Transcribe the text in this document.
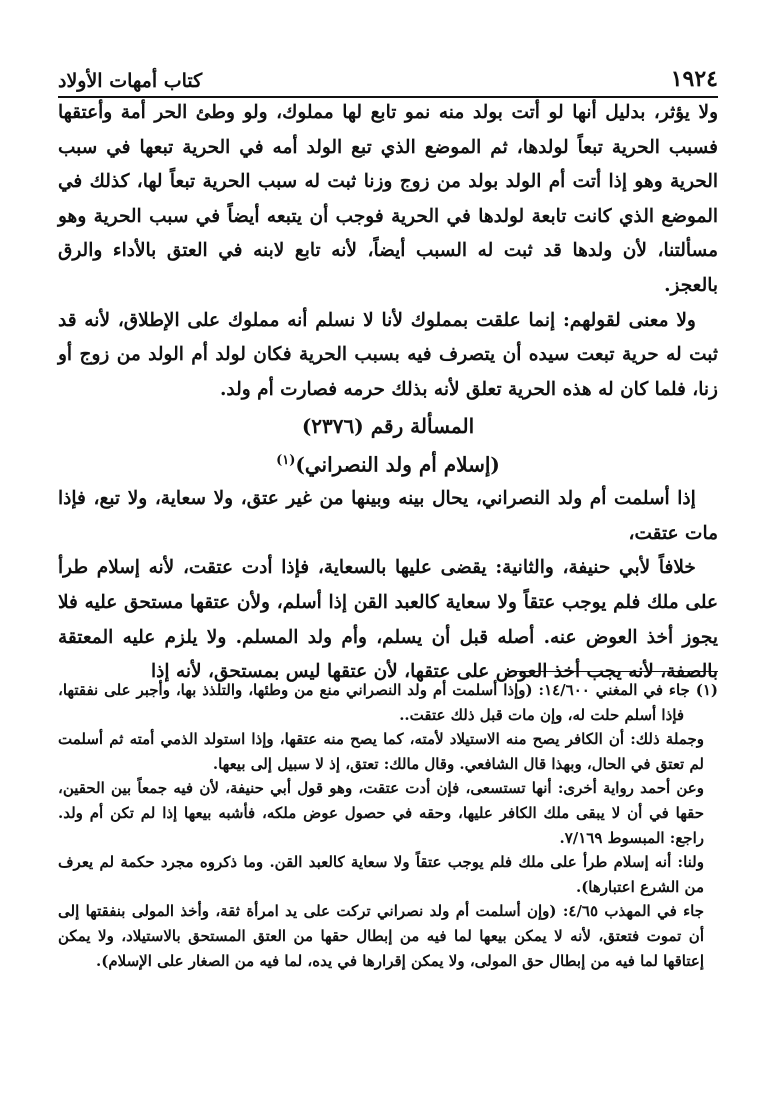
١٩٢٤
كتاب أمهات الأولاد

ولا يؤثر، بدليل أنها لو أتت بولد منه نمو تابع لها مملوك، ولو وطئ الحر أمة وأعتقها فسبب الحرية تبعاً لولدها، ثم الموضع الذي تبع الولد أمه في الحرية تبعها في سبب الحرية وهو إذا أتت أم الولد بولد من زوج وزنا ثبت له سبب الحرية تبعاً لها، كذلك في الموضع الذي كانت تابعة لولدها في الحرية فوجب أن يتبعه أيضاً في سبب الحرية وهو مسألتنا، لأن ولدها قد ثبت له السبب أيضاً، لأنه تابع لابنه في العتق بالأداء والرق بالعجز.

ولا معنى لقولهم: إنما علقت بمملوك لأنا لا نسلم أنه مملوك على الإطلاق، لأنه قد ثبت له حرية تبعت سيده أن يتصرف فيه بسبب الحرية فكان لولد أم الولد من زوج أو زنا، فلما كان له هذه الحرية تعلق لأنه بذلك حرمه فصارت أم ولد.

المسألة رقم (٢٣٧٦)
(إسلام أم ولد النصراني)$^{(١)}$

إذا أسلمت أم ولد النصراني، يحال بينه وبينها من غير عتق، ولا سعاية، ولا تبع، فإذا مات عتقت،

خلافاً لأبي حنيفة، والثانية: يقضى عليها بالسعاية، فإذا أدت عتقت، لأنه إسلام طرأ على ملك فلم يوجب عتقاً ولا سعاية كالعبد القن إذا أسلم، ولأن عتقها مستحق عليه فلا يجوز أخذ العوض عنه. أصله قبل أن يسلم، وأم ولد المسلم. ولا يلزم عليه المعتقة بالصفة، لأنه يجب أخذ العوض على عتقها، لأن عتقها ليس بمستحق، لأنه إذا

(١) جاء في المغني ١٤/٦٠٠: (وإذا أسلمت أم ولد النصراني منع من وطئها، والتلذذ بها، وأجبر على نفقتها، فإذا أسلم حلت له، وإن مات قبل ذلك عتقت..

وجملة ذلك: أن الكافر يصح منه الاستيلاد لأمته، كما يصح منه عتقها، وإذا استولد الذمي أمته ثم أسلمت لم تعتق في الحال، وبهذا قال الشافعي. وقال مالك: تعتق، إذ لا سبيل إلى بيعها.

وعن أحمد رواية أخرى: أنها تستسعى، فإن أدت عتقت، وهو قول أبي حنيفة، لأن فيه جمعاً بين الحقين، حقها في أن لا يبقى ملك الكافر عليها، وحقه في حصول عوض ملكه، فأشبه بيعها إذا لم تكن أم ولد. راجع: المبسوط ٧/١٦٩.

ولنا: أنه إسلام طرأ على ملك فلم يوجب عتقاً ولا سعاية كالعبد القن. وما ذكروه مجرد حكمة لم يعرف من الشرع اعتبارها).

جاء في المهذب ٤/٦٥: (وإن أسلمت أم ولد نصراني تركت على يد امرأة ثقة، وأخذ المولى بنفقتها إلى أن تموت فتعتق، لأنه لا يمكن بيعها لما فيه من إبطال حقها من العتق المستحق بالاستيلاد، ولا يمكن إعتاقها لما فيه من إبطال حق المولى، ولا يمكن إقرارها في يده، لما فيه من الصغار على الإسلام).
